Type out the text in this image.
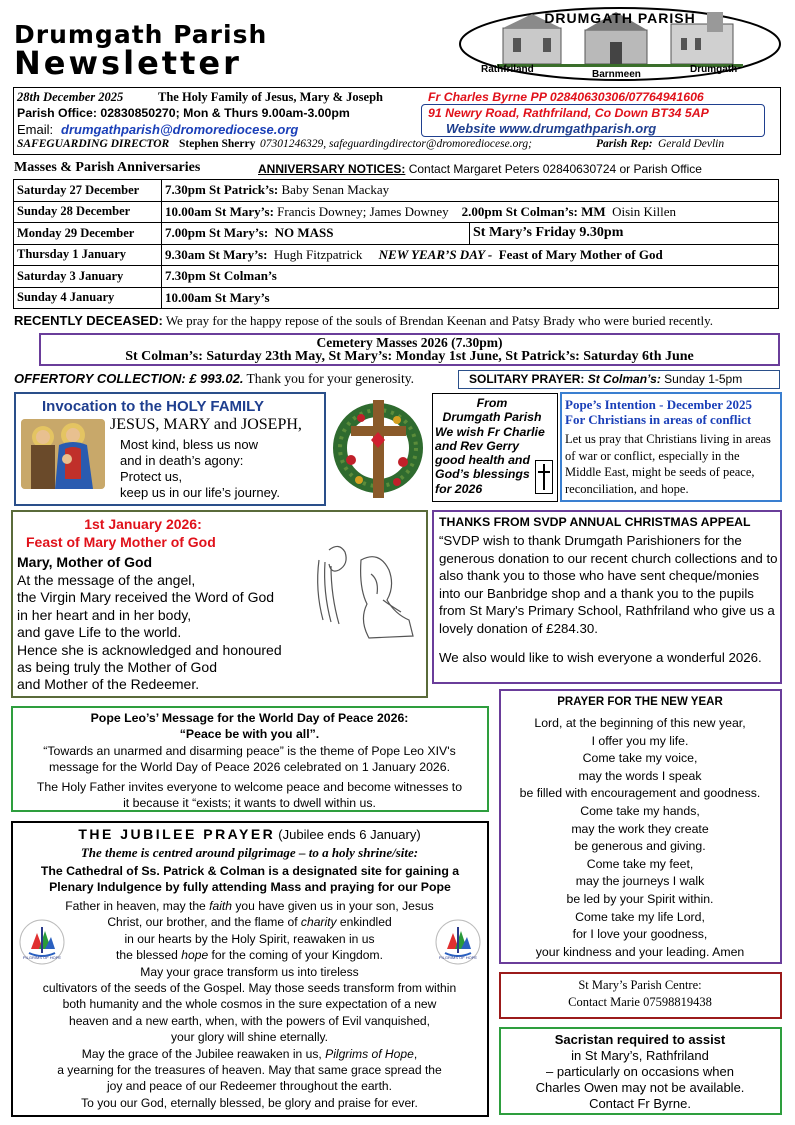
Drumgath Parish
Newsletter
DRUMGATH PARISH
Rathfriland	Barnmeen	Drumgath
28th December 2025	The Holy Family of Jesus, Mary & Joseph	Fr Charles Byrne PP 02840630306/07764941606
Parish Office: 02830850270; Mon & Thurs 9.00am-3.00pm
Email: drumgathparish@dromorediocese.org
SAFEGUARDING DIRECTOR Stephen Sherry 07301246329, safeguardingdirector@dromorediocese.org;	Parish Rep: Gerald Devlin
91 Newry Road, Rathfriland, Co Down BT34 5AP
Website www.drumgathparish.org
Masses & Parish Anniversaries	ANNIVERSARY NOTICES: Contact Margaret Peters 02840630724 or Parish Office
Saturday 27 December	7.30pm St Patrick’s: Baby Senan Mackay	
Sunday 28 December	10.00am St Mary’s: Francis Downey; James Downey    2.00pm St Colman’s: MM  Oisin Killen	
Monday 29 December	7.00pm St Mary’s:  NO MASS	St Mary’s Friday 9.30pm
Thursday 1 January	9.30am St Mary’s:  Hugh Fitzpatrick     NEW YEAR’S DAY -  Feast of Mary Mother of God	
Saturday 3 January	7.30pm St Colman’s	
Sunday 4 January	10.00am St Mary’s	
RECENTLY DECEASED: We pray for the happy repose of the souls of Brendan Keenan and Patsy Brady who were buried recently.
Cemetery Masses 2026 (7.30pm)
St Colman’s: Saturday 23th May, St Mary’s: Monday 1st June, St Patrick’s: Saturday 6th June
OFFERTORY COLLECTION: £ 993.02. Thank you for your generosity.	SOLITARY PRAYER: St Colman’s: Sunday 1-5pm
Invocation to the HOLY FAMILY
JESUS, MARY and JOSEPH,
Most kind, bless us now
and in death’s agony:
Protect us,
keep us in our life’s journey.
From
Drumgath Parish
We wish Fr Charlie
and Rev Gerry
good health and
God’s blessings
for 2026
Pope’s Intention - December 2025
For Christians in areas of conflict
Let us pray that Christians living in areas of war or conflict, especially in the Middle East, might be seeds of peace, reconciliation, and hope.
1st January 2026:
Feast of Mary Mother of God
Mary, Mother of God
At the message of the angel,
the Virgin Mary received the Word of God
in her heart and in her body,
and gave Life to the world.
Hence she is acknowledged and honoured
as being truly the Mother of God
and Mother of the Redeemer.
THANKS FROM SVDP ANNUAL CHRISTMAS APPEAL
“SVDP wish to thank Drumgath Parishioners for the generous donation to our recent church collections and to also thank you to those who have sent cheque/monies into our Banbridge shop and a thank you to the pupils from St Mary's Primary School, Rathfriland who give us a lovely donation of £284.30.
We also would like to wish everyone a wonderful 2026.
Pope Leo’s’ Message for the World Day of Peace 2026:
“Peace be with you all”.
“Towards an unarmed and disarming peace” is the theme of Pope Leo XIV's message for the World Day of Peace 2026 celebrated on 1 January 2026.
The Holy Father invites everyone to welcome peace and become witnesses to it because it “exists; it wants to dwell within us.
THE JUBILEE PRAYER (Jubilee ends 6 January)
The theme is centred around pilgrimage – to a holy shrine/site:
The Cathedral of Ss. Patrick & Colman is a designated site for gaining a Plenary Indulgence by fully attending Mass and praying for our Pope
Father in heaven, may the faith you have given us in your son, Jesus
Christ, our brother, and the flame of charity enkindled
in our hearts by the Holy Spirit, reawaken in us
the blessed hope for the coming of your Kingdom.
May your grace transform us into tireless
cultivators of the seeds of the Gospel. May those seeds transform from within
both humanity and the whole cosmos in the sure expectation of a new
heaven and a new earth, when, with the powers of Evil vanquished,
your glory will shine eternally.
May the grace of the Jubilee reawaken in us, Pilgrims of Hope,
a yearning for the treasures of heaven. May that same grace spread the
joy and peace of our Redeemer throughout the earth.
To you our God, eternally blessed, be glory and praise for ever.
PILGRIMS OF HOPE	PILGRIMS OF HOPE
PRAYER FOR THE NEW YEAR
Lord, at the beginning of this new year,
I offer you my life.
Come take my voice,
may the words I speak
be filled with encouragement and goodness.
Come take my hands,
may the work they create
be generous and giving.
Come take my feet,
may the journeys I walk
be led by your Spirit within.
Come take my life Lord,
for I love your goodness,
your kindness and your leading. Amen
St Mary’s Parish Centre:
Contact Marie 07598819438
Sacristan required to assist
in St Mary’s, Rathfriland
– particularly on occasions when
Charles Owen may not be available.
Contact Fr Byrne.
